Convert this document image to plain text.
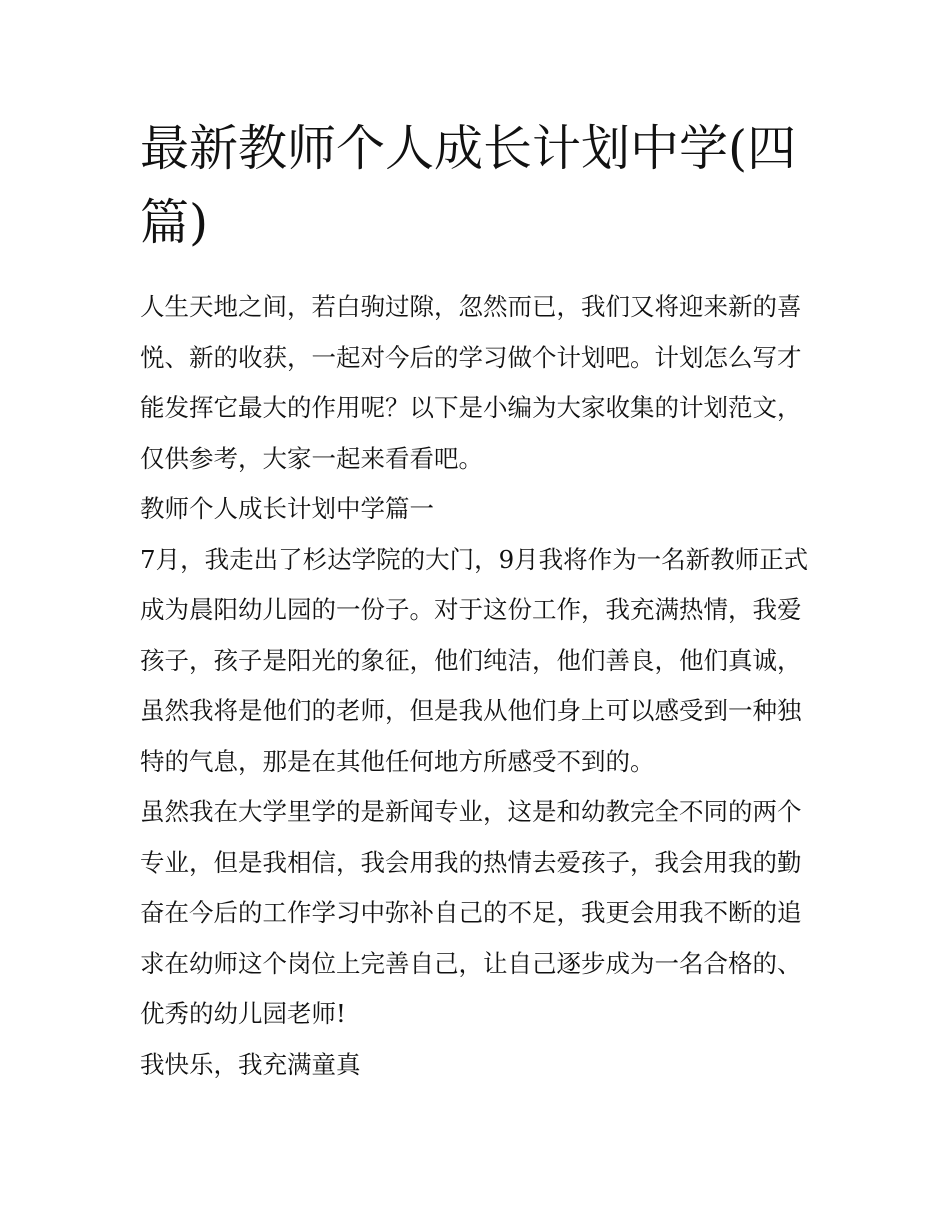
最新教师个人成长计划中学(四篇)

人生天地之间，若白驹过隙，忽然而已，我们又将迎来新的喜悦、新的收获，一起对今后的学习做个计划吧。计划怎么写才能发挥它最大的作用呢？以下是小编为大家收集的计划范文，仅供参考，大家一起来看看吧。

教师个人成长计划中学篇一

7月，我走出了杉达学院的大门，9月我将作为一名新教师正式成为晨阳幼儿园的一份子。对于这份工作，我充满热情，我爱孩子，孩子是阳光的象征，他们纯洁，他们善良，他们真诚，虽然我将是他们的老师，但是我从他们身上可以感受到一种独特的气息，那是在其他任何地方所感受不到的。

虽然我在大学里学的是新闻专业，这是和幼教完全不同的两个专业，但是我相信，我会用我的热情去爱孩子，我会用我的勤奋在今后的工作学习中弥补自己的不足，我更会用我不断的追求在幼师这个岗位上完善自己，让自己逐步成为一名合格的、优秀的幼儿园老师!

我快乐，我充满童真
